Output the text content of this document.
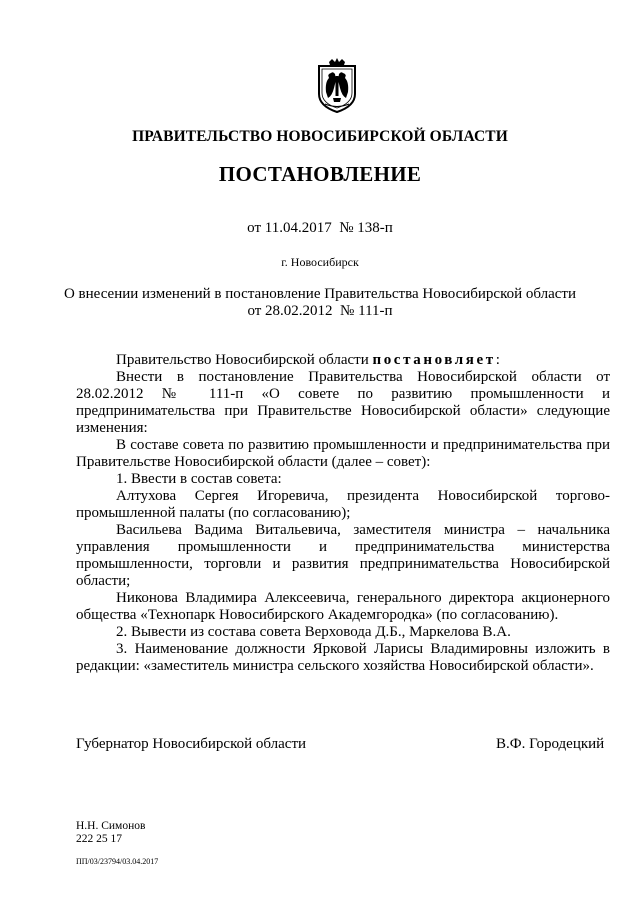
ПРАВИТЕЛЬСТВО НОВОСИБИРСКОЙ ОБЛАСТИ
ПОСТАНОВЛЕНИЕ
от 11.04.2017  № 138-п
г. Новосибирск
О внесении изменений в постановление Правительства Новосибирской области
от 28.02.2012  № 111-п

Правительство Новосибирской области постановляет:

Внести в постановление Правительства Новосибирской области от 28.02.2012 № 111-п «О совете по развитию промышленности и предпринимательства при Правительстве Новосибирской области» следующие изменения:

В составе совета по развитию промышленности и предпринимательства при Правительстве Новосибирской области (далее – совет):

1. Ввести в состав совета:

Алтухова Сергея Игоревича, президента Новосибирской торгово-промышленной палаты (по согласованию);

Васильева Вадима Витальевича, заместителя министра – начальника управления промышленности и предпринимательства министерства промышленности, торговли и развития предпринимательства Новосибирской области;

Никонова Владимира Алексеевича, генерального директора акционерного общества «Технопарк Новосибирского Академгородка» (по согласованию).

2. Вывести из состава совета Верховода Д.Б., Маркелова В.А.

3. Наименование должности Ярковой Ларисы Владимировны изложить в редакции: «заместитель министра сельского хозяйства Новосибирской области».

Губернатор Новосибирской области	В.Ф. Городецкий
Н.Н. Симонов
222 25 17
ПП/03/23794/03.04.2017
